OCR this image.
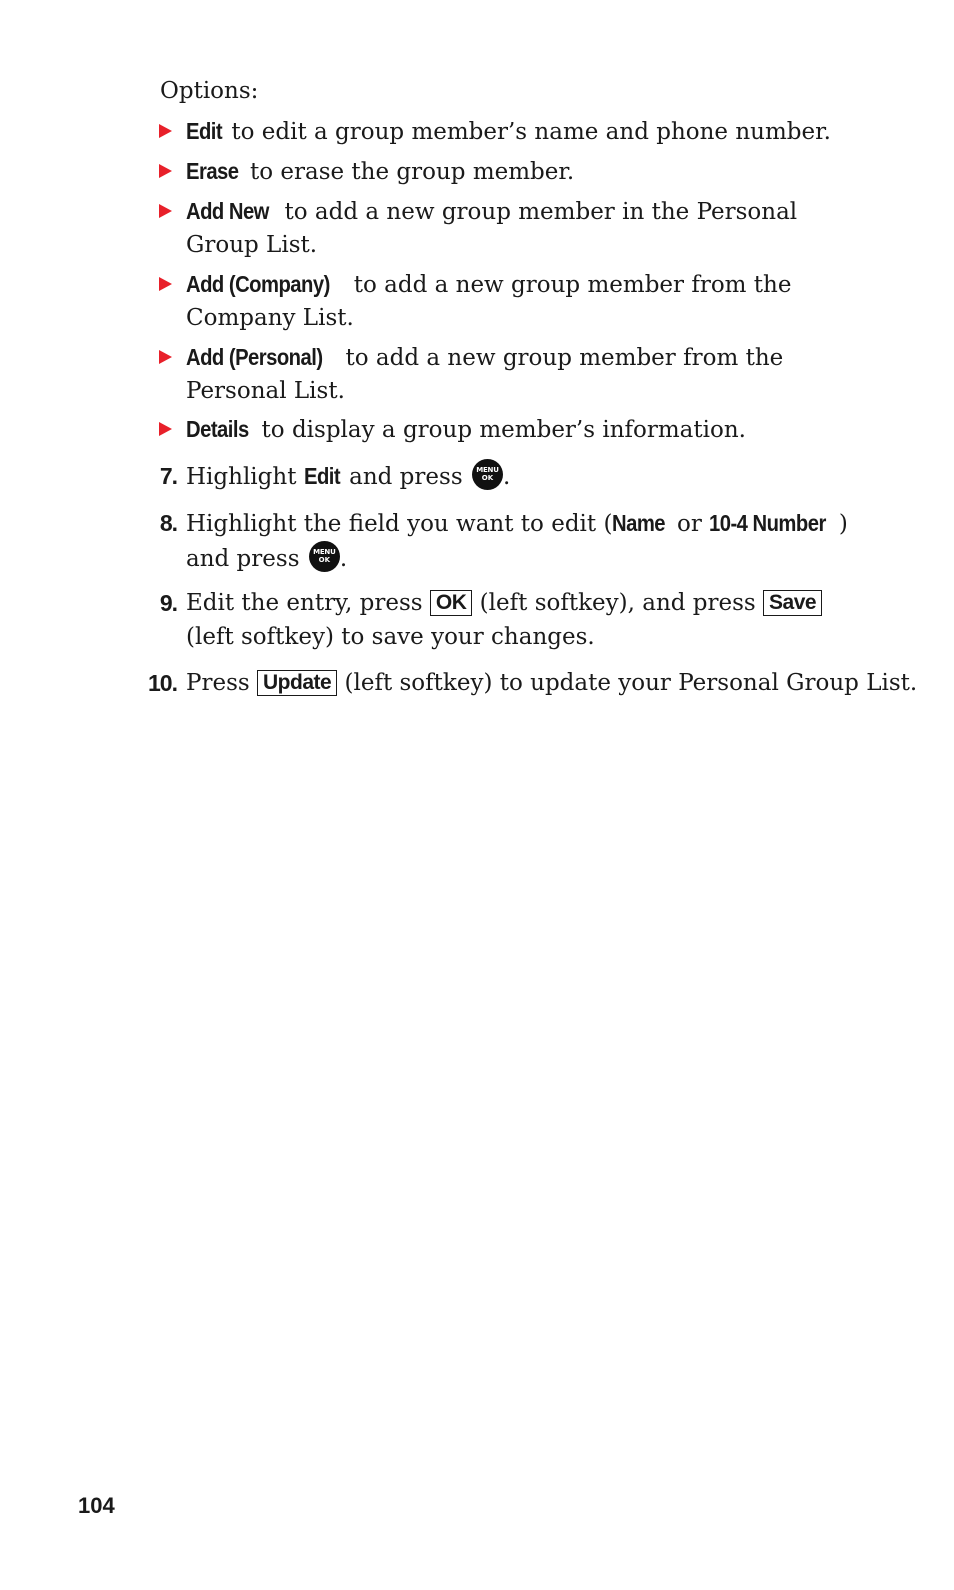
Options:
Edit to edit a group member’s name and phone number.
Erase to erase the group member.
Add New to add a new group member in the Personal Group List.
Add (Company) to add a new group member from the Company List.
Add (Personal) to add a new group member from the Personal List.
Details to display a group member’s information.
7. Highlight Edit and press MENU
OK .
8. Highlight the field you want to edit (Name or 10-4 Number ) and press MENU
OK .
9. Edit the entry, press OK (left softkey), and press Save (left softkey) to save your changes.
10. Press Update (left softkey) to update your Personal Group List.
104
